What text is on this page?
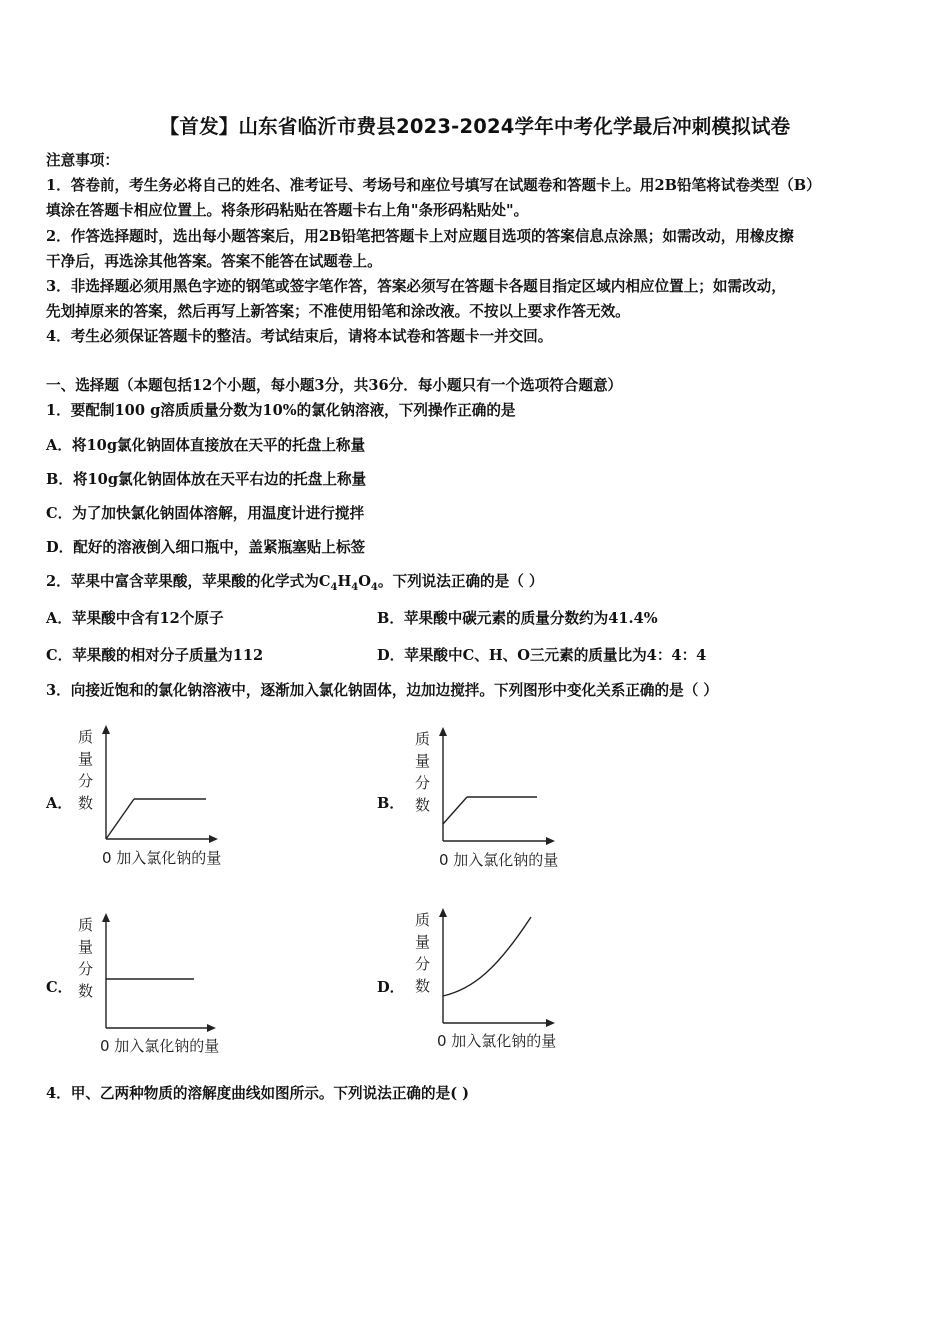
【首发】山东省临沂市费县2023-2024学年中考化学最后冲刺模拟试卷
注意事项：
1．答卷前，考生务必将自己的姓名、准考证号、考场号和座位号填写在试题卷和答题卡上。用2B铅笔将试卷类型（B）
填涂在答题卡相应位置上。将条形码粘贴在答题卡右上角"条形码粘贴处"。
2．作答选择题时，选出每小题答案后，用2B铅笔把答题卡上对应题目选项的答案信息点涂黑；如需改动，用橡皮擦
干净后，再选涂其他答案。答案不能答在试题卷上。
3．非选择题必须用黑色字迹的钢笔或签字笔作答，答案必须写在答题卡各题目指定区域内相应位置上；如需改动，
先划掉原来的答案，然后再写上新答案；不准使用铅笔和涂改液。不按以上要求作答无效。
4．考生必须保证答题卡的整洁。考试结束后，请将本试卷和答题卡一并交回。
一、选择题（本题包括12个小题，每小题3分，共36分．每小题只有一个选项符合题意）
1．要配制100 g溶质质量分数为10%的氯化钠溶液，下列操作正确的是
A．将10g氯化钠固体直接放在天平的托盘上称量
B．将10g氯化钠固体放在天平右边的托盘上称量
C．为了加快氯化钠固体溶解，用温度计进行搅拌
D．配好的溶液倒入细口瓶中，盖紧瓶塞贴上标签
2．苹果中富含苹果酸，苹果酸的化学式为$C_4H_4O_4$。下列说法正确的是（ ）
A．苹果酸中含有12个原子	B．苹果酸中碳元素的质量分数约为41.4%
C．苹果酸的相对分子质量为112	D．苹果酸中C、H、O三元素的质量比为4：4：4
3．向接近饱和的氯化钠溶液中，逐渐加入氯化钠固体，边加边搅拌。下列图形中变化关系正确的是（ ）
A．
质
量
分
数
0 加入氯化钠的量
B．
质
量
分
数
0 加入氯化钠的量
C．
质
量
分
数
0 加入氯化钠的量
D．
质
量
分
数
0 加入氯化钠的量
4．甲、乙两种物质的溶解度曲线如图所示。下列说法正确的是( )
